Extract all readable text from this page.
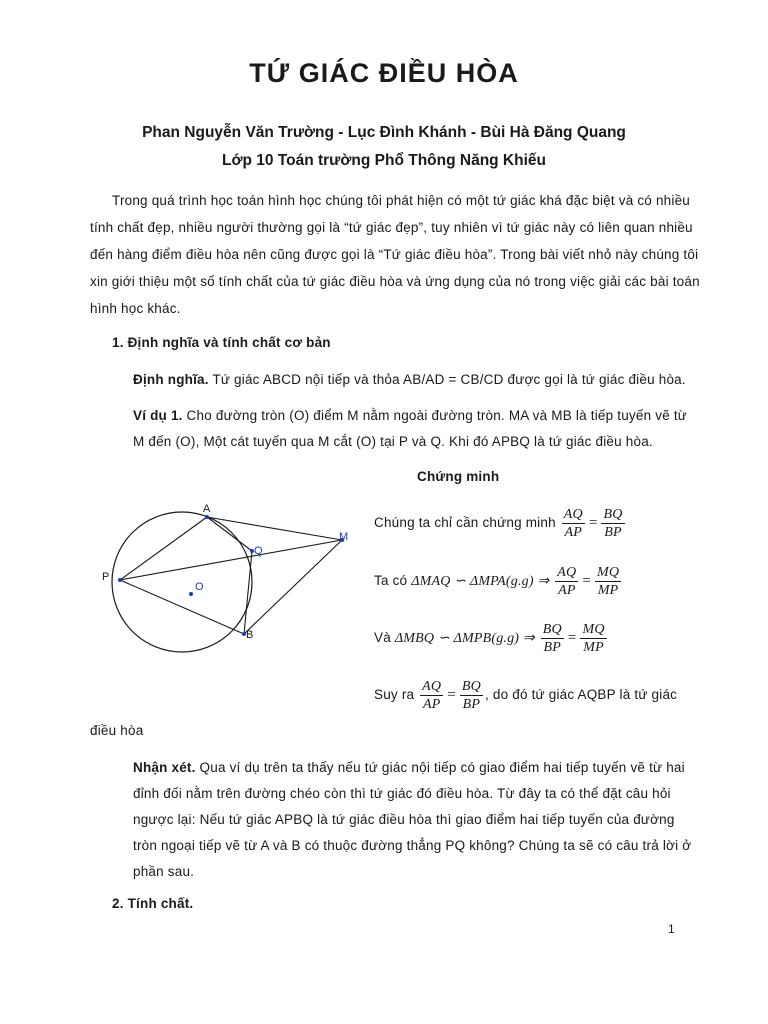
TỨ GIÁC ĐIỀU HÒA
Phan Nguyễn Văn Trường - Lục Đình Khánh - Bùi Hà Đăng Quang
Lớp 10 Toán trường Phổ Thông Năng Khiếu
Trong quá trình học toán hình học chúng tôi phát hiện có một tứ giác khá đặc biệt và có nhiều
tính chất đẹp, nhiều người thường gọi là “tứ giác đẹp”, tuy nhiên vì tứ giác này có liên quan nhiều
đến hàng điểm điều hòa nên cũng được gọi là “Tứ giác điều hòa”. Trong bài viết nhỏ này chúng tôi
xin giới thiệu một số tính chất của tứ giác điều hòa và ứng dụng của nó trong việc giải các bài toán
hình học khác.
1. Định nghĩa và tính chất cơ bản
Định nghĩa. Tứ giác ABCD nội tiếp và thỏa AB/AD = CB/CD được gọi là tứ giác điều hòa.
Ví dụ 1. Cho đường tròn (O) điểm M nằm ngoài đường tròn. MA và MB là tiếp tuyến vẽ từ
M đến (O), Một cát tuyến qua M cắt (O) tại P và Q. Khi đó APBQ là tứ giác điều hòa.
Chứng minh
A
Q
M
P
O
B
Chúng ta chỉ cần chứng minh $\frac{AQ}{AP} = \frac{BQ}{BP}$
Ta có ΔMAQ ∽ ΔMPA(g.g) ⇒ $\frac{AQ}{AP} = \frac{MQ}{MP}$
Và ΔMBQ ∽ ΔMPB(g.g) ⇒ $\frac{BQ}{BP} = \frac{MQ}{MP}$
Suy ra $\frac{AQ}{AP} = \frac{BQ}{BP}$ , do đó tứ giác AQBP là tứ giác
điều hòa
Nhận xét. Qua ví dụ trên ta thấy nếu tứ giác nội tiếp có giao điểm hai tiếp tuyến vẽ từ hai
đỉnh đối nằm trên đường chéo còn thì tứ giác đó điều hòa. Từ đây ta có thể đặt câu hỏi
ngược lại: Nếu tứ giác APBQ là tứ giác điều hòa thì giao điểm hai tiếp tuyến của đường
tròn ngoại tiếp vẽ từ A và B có thuộc đường thẳng PQ không? Chúng ta sẽ có câu trả lời ở
phần sau.
2. Tính chất.
1
